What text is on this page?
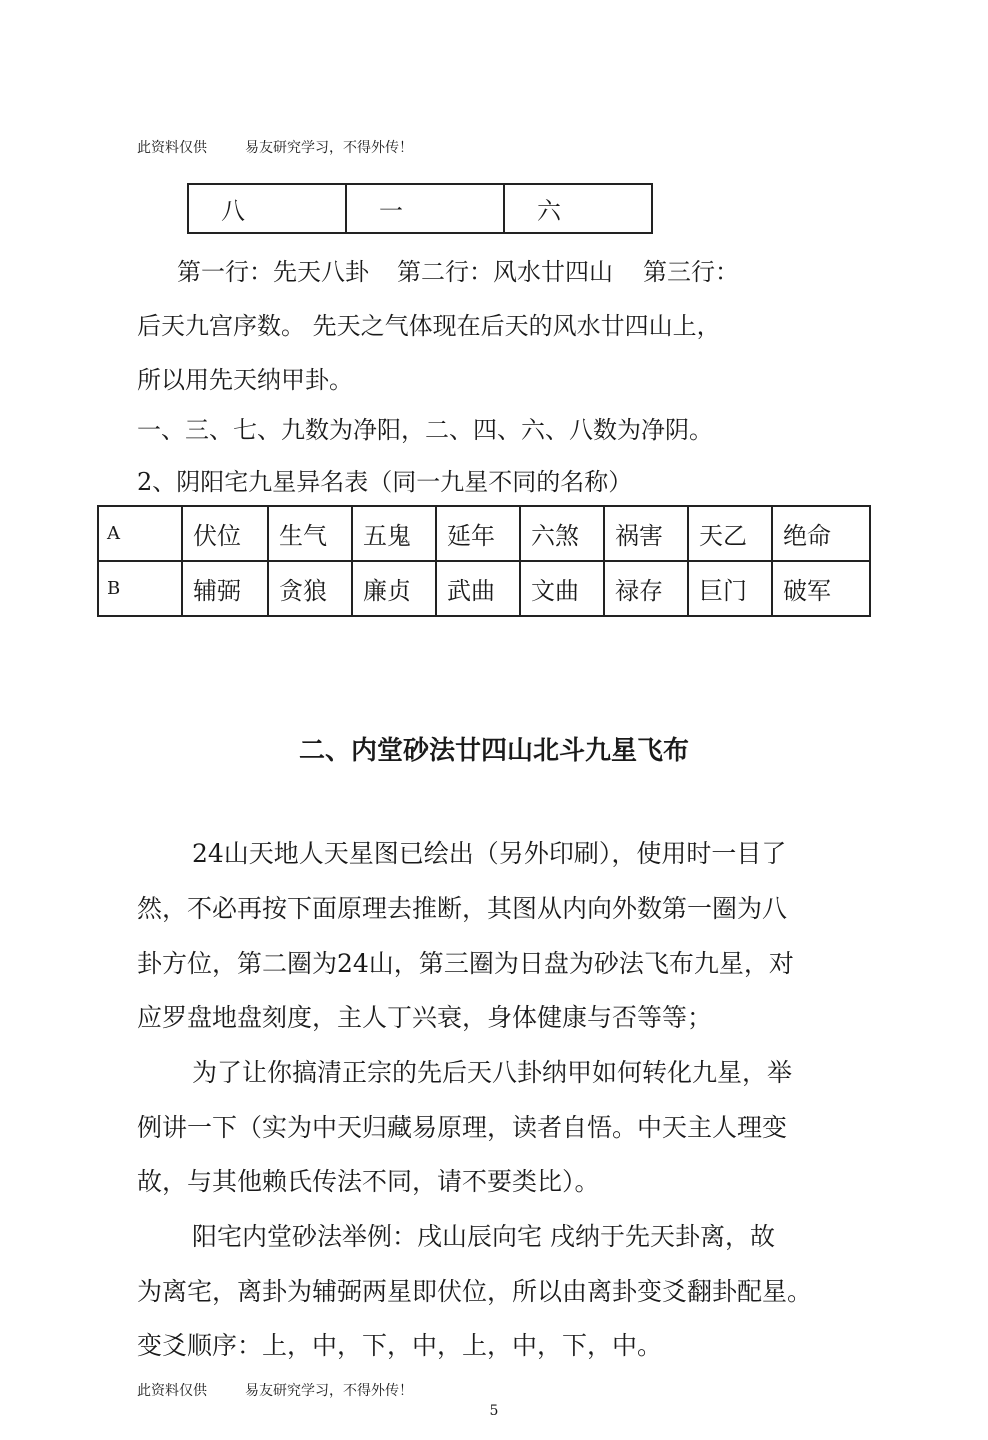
此资料仅供	易友研究学习，不得外传！
八	一	六
第一行：先天八卦 第二行：风水廿四山 第三行：
后天九宫序数。 先天之气体现在后天的风水廿四山上，
所以用先天纳甲卦。
一、三、七、九数为净阳，二、四、六、八数为净阴。
2、阴阳宅九星异名表（同一九星不同的名称）
A	伏位	生气	五鬼	延年	六煞	祸害	天乙	绝命
B	辅弼	贪狼	廉贞	武曲	文曲	禄存	巨门	破军
二、内堂砂法廿四山北斗九星飞布
24山天地人天星图已绘出（另外印刷），使用时一目了
然，不必再按下面原理去推断，其图从内向外数第一圈为八
卦方位，第二圈为24山，第三圈为日盘为砂法飞布九星，对
应罗盘地盘刻度，主人丁兴衰，身体健康与否等等；
为了让你搞清正宗的先后天八卦纳甲如何转化九星，举
例讲一下（实为中天归藏易原理，读者自悟。中天主人理变
故，与其他赖氏传法不同，请不要类比）。
阳宅内堂砂法举例：戌山辰向宅 戌纳于先天卦离，故
为离宅，离卦为辅弼两星即伏位，所以由离卦变爻翻卦配星。
变爻顺序：上，中，下，中，上，中，下，中。
此资料仅供	易友研究学习，不得外传！
5
